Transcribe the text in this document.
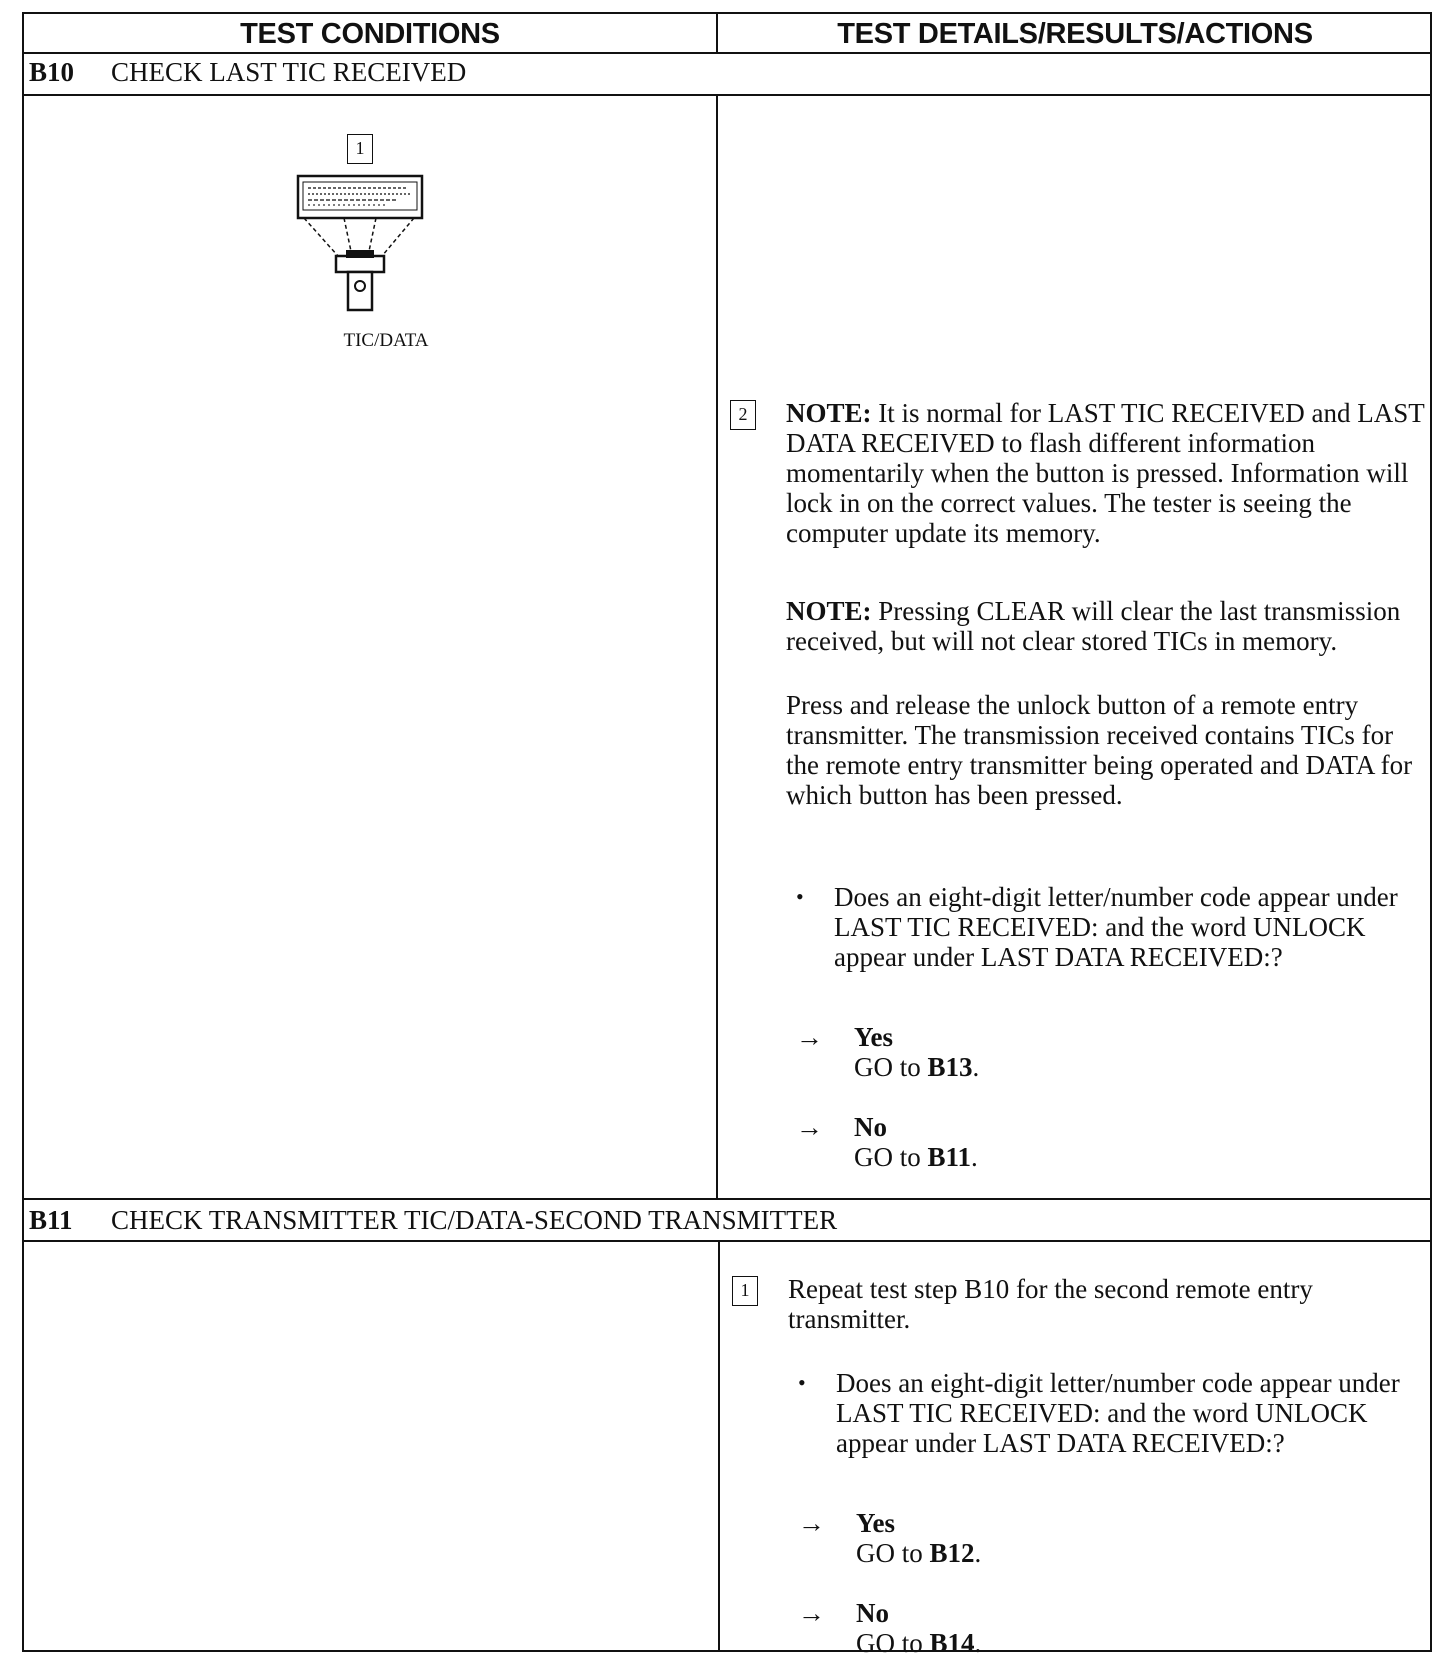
TEST CONDITIONS	TEST DETAILS/RESULTS/ACTIONS
B10 CHECK LAST TIC RECEIVED
1
TIC/DATA
2	NOTE: It is normal for LAST TIC RECEIVED and LAST DATA RECEIVED to flash different information momentarily when the button is pressed. Information will lock in on the correct values. The tester is seeing the computer update its memory.

NOTE: Pressing CLEAR will clear the last transmission received, but will not clear stored TICs in memory.

Press and release the unlock button of a remote entry transmitter. The transmission received contains TICs for the remote entry transmitter being operated and DATA for which button has been pressed.
• Does an eight-digit letter/number code appear under LAST TIC RECEIVED: and the word UNLOCK appear under LAST DATA RECEIVED:?
→ Yes
GO to B13.
→ No
GO to B11.
B11 CHECK TRANSMITTER TIC/DATA-SECOND TRANSMITTER
1	Repeat test step B10 for the second remote entry transmitter.
• Does an eight-digit letter/number code appear under LAST TIC RECEIVED: and the word UNLOCK appear under LAST DATA RECEIVED:?
→ Yes
GO to B12.
→ No
GO to B14.
